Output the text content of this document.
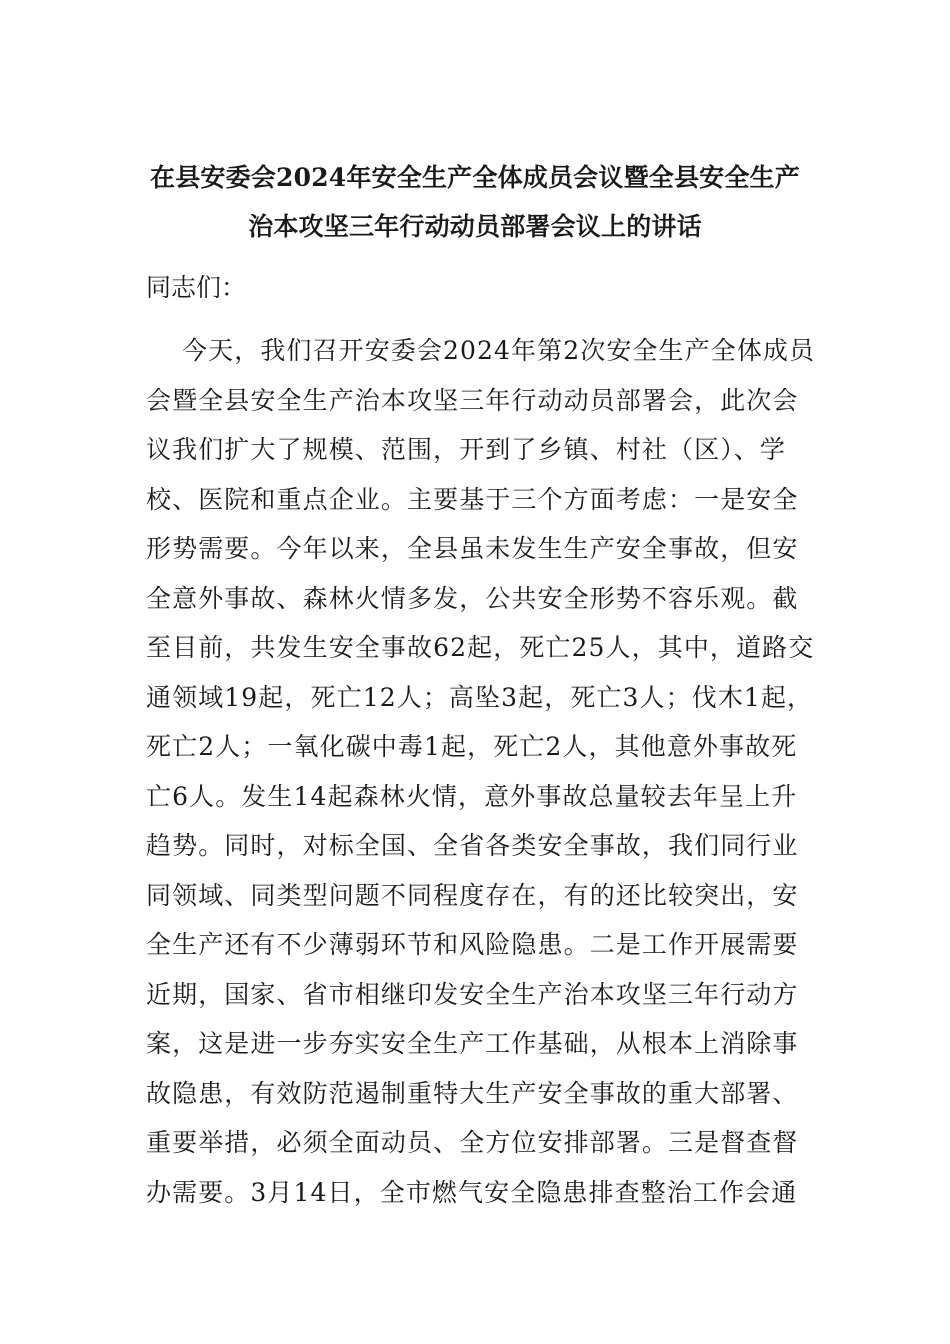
在县安委会2024年安全生产全体成员会议暨全县安全生产
治本攻坚三年行动动员部署会议上的讲话
同志们：
今天，我们召开安委会2024年第2次安全生产全体成员
会暨全县安全生产治本攻坚三年行动动员部署会，此次会
议我们扩大了规模、范围，开到了乡镇、村社（区）、学
校、医院和重点企业。主要基于三个方面考虑：一是安全
形势需要。今年以来，全县虽未发生生产安全事故，但安
全意外事故、森林火情多发，公共安全形势不容乐观。截
至目前，共发生安全事故62起，死亡25人，其中，道路交
通领域19起，死亡12人；高坠3起，死亡3人；伐木1起，
死亡2人；一氧化碳中毒1起，死亡2人，其他意外事故死
亡6人。发生14起森林火情，意外事故总量较去年呈上升
趋势。同时，对标全国、全省各类安全事故，我们同行业
同领域、同类型问题不同程度存在，有的还比较突出，安
全生产还有不少薄弱环节和风险隐患。二是工作开展需要
近期，国家、省市相继印发安全生产治本攻坚三年行动方
案，这是进一步夯实安全生产工作基础，从根本上消除事
故隐患，有效防范遏制重特大生产安全事故的重大部署、
重要举措，必须全面动员、全方位安排部署。三是督查督
办需要。3月14日，全市燃气安全隐患排查整治工作会通
